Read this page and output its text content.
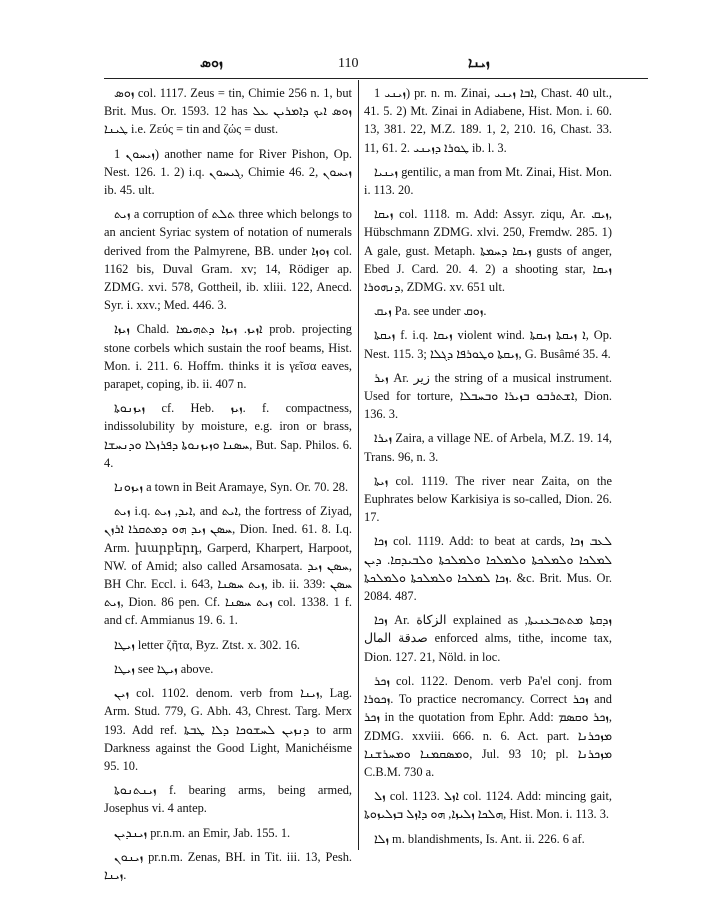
ܙܘܣ	110	ܙܝܢܐ

ܙܘܣ col. 1117. Zeus = tin, Chimie 256 n. 1, but Brit. Mus. Or. 1593. 12 has ܙܘܣ ܐܝܟ ܕܐܡܪܝܢ ܥܠ ܛܝܢܐ i.e. Ζεύς = tin and ζώς = dust.

ܙܝܚܘܢ 1) another name for River Pishon, Op. Nest. 126. 1. 2) i.q. ܓܝܚܘܢ, Chimie 46. 2, ܙܝܚܘܢ ib. 45. ult.

ܙܝܬ a corruption of ܬܠܬ three which belongs to an ancient Syriac system of notation of numerals derived from the Palmyrene, BB. under ܙܘܙܐ col. 1162 bis, Duval Gram. xv; 14, Rödiger ap. ZDMG. xvi. 578, Gottheil, ib. xliii. 122, Anecd. Syr. i. xxv.; Med. 446. 3.

ܙܝܙܐ Chald. ܐܙܝܙ. ܙܝܙܐ ܕܬܗܝܡܐ prob. projecting stone corbels which sustain the roof beams, Hist. Mon. i. 211. 6. Hoffm. thinks it is γεῖσα eaves, parapet, coping, ib. ii. 407 n.

ܙܝܙܢܘܬܐ cf. Heb. ܙܝܙ. f. compactness, indissolubility by moisture, e.g. iron or brass, ܚܣܢܐ ܘܙܝܙܢܘܬܐ ܕܦܪܙܠܐ ܘܕܢܚܫܐ, But. Sap. Philos. 6. 4.

ܙܝܙܘܢܐ a town in Beit Aramaye, Syn. Or. 70. 28.

ܙܝܬ i.q. ܐܝܕ, ܙܝܬ, and ܐܝܬ, the fortress of Ziyad, ܚܣܢ ܙܝܕ ܗܘ ܕܡܬܩܪܐ ܐܪܙܢ, Dion. Ined. 61. 8. I.q. Arm. խարբերդ, Garperd, Kharpert, Harpoot, NW. of Amid; also called Arsamosata. ܚܣܢ ܙܝܕ, BH Chr. Eccl. i. 643, ܙܝܬ ܚܣܢܐ, ib. ii. 339: ܚܣܢ ܙܝܬ, Dion. 86 pen. Cf. ܙܝܬ ܚܣܢܐ col. 1338. 1 f. and cf. Ammianus 19. 6. 1.

ܙܝܛܐ letter ζῆτα, Byz. Ztst. x. 302. 16.

ܙܝܛܐ see ܙܝܛܐ above.

ܙܝܢ col. 1102. denom. verb from ܙܝܢܐ, Lag. Arm. Stud. 779, G. Abh. 43, Chrest. Targ. Merx 193. Add ref. ܕܢܙܝܢ ܠܚܫܘܟܐ ܕܠܐ ܛܒܬܐ to arm Darkness against the Good Light, Manichéisme 95. 10.

ܙܝܢܬܢܘܬܐ f. bearing arms, being armed, Josephus vi. 4 antep.

ܙܝܢܕܝܢ pr.n.m. an Emir, Jab. 155. 1.

ܙܝܢܘܢ pr.n.m. Zenas, BH. in Tit. iii. 13, Pesh. ܙܝܢܐ.

ܙܝܢܝ 1) pr. n. m. Zinai, ܐܒܐ ܙܝܢܝ, Chast. 40 ult., 41. 5. 2) Mt. Zinai in Adiabene, Hist. Mon. i. 60. 13, 381. 22, M.Z. 189. 1, 2, 210. 16, Chast. 33. 11, 61. 2. ܛܘܪܐ ܕܙܝܢܝ ib. l. 3.

ܙܝܢܝܐ gentilic, a man from Mt. Zinai, Hist. Mon. i. 113. 20.

ܙܝܩܐ col. 1118. m. Add: Assyr. ziqu, Ar. ܙܝܩ, Hübschmann ZDMG. xlvi. 250, Fremdw. 285. 1) A gale, gust. Metaph. ܙܝܩܐ ܕܚܡܬܐ gusts of anger, Ebed J. Card. 20. 4. 2) a shooting star, ܙܝܩܐ ܕܢܗܘܪܐ, ZDMG. xv. 651 ult.

ܙܝܩ Pa. see under ܙܘܩ.

ܙܝܩܬܐ f. i.q. ܙܝܩܐ violent wind. ܐ ܙܝܩܬܐ ܙܝܩܬܐ, Op. Nest. 115. 3; ܙܝܩܬܐ ܘܛܘܪܦܐ ܕܓܠܐ, G. Busâmé 35. 4.

ܙܝܪ Ar. زير the string of a musical instrument. Used for torture, ܐܫܬܪܒܘ ܒܙܝܪܐ ܘܒܚܒܠܐ, Dion. 136. 3.

ܙܝܪܐ Zaira, a village NE. of Arbela, M.Z. 19. 14, Trans. 96, n. 3.

ܙܝܬܐ col. 1119. The river near Zaita, on the Euphrates below Karkisiya is so-called, Dion. 26. 17.

ܙܟܐ col. 1119. Add: to beat at cards, ܠܥܒ ܙܟܐ ܠܡܠܟܐ ܘܠܡܠܟܬܐ ܘܠܡܠܟܐ ܘܠܡܠܟܬܐ ܘܠܒܝܕܩܐ. ܕܝܢ ܙܟܐ ܠܡܠܟܐ ܘܠܡܠܟܬܐ ܘܠܡܠܟܬܐ. &c. Brit. Mus. Or. 2084. 487.

ܙܟܐ Ar. الزكاة explained as ܙܕܩܬܐ ܡܬܬܒܥܢܝܬܐ, صدقة المال enforced alms, tithe, income tax, Dion. 127. 21, Nöld. in loc.

ܙܟܪ col. 1122. Denom. verb Pa'el conj. from ܙܟܘܪܐ. To practice necromancy. Correct ܙܟܪ and ܙܟܪ in the quotation from Ephr. Add: ܙܟܪ ܘܩܣܡ, ZDMG. xxviii. 666. n. 6. Act. part. ܡܙܟܪܢܐ ܘܡܣܩܡܢܐ ܘܡܚܪܫܢܐ, Jul. 93 10; pl. ܡܙܟܪܢܐ C.B.M. 730 a.

ܙܠ col. 1123. ܐܙܠ col. 1124. Add: mincing gait, ܗܠܟܐ ܙܠܝܙܐ, ܗܘ ܕܐܙܠ ܒܙܠܝܙܘܬܐ, Hist. Mon. i. 113. 3.

ܙܠܐ m. blandishments, Is. Ant. ii. 226. 6 af.
